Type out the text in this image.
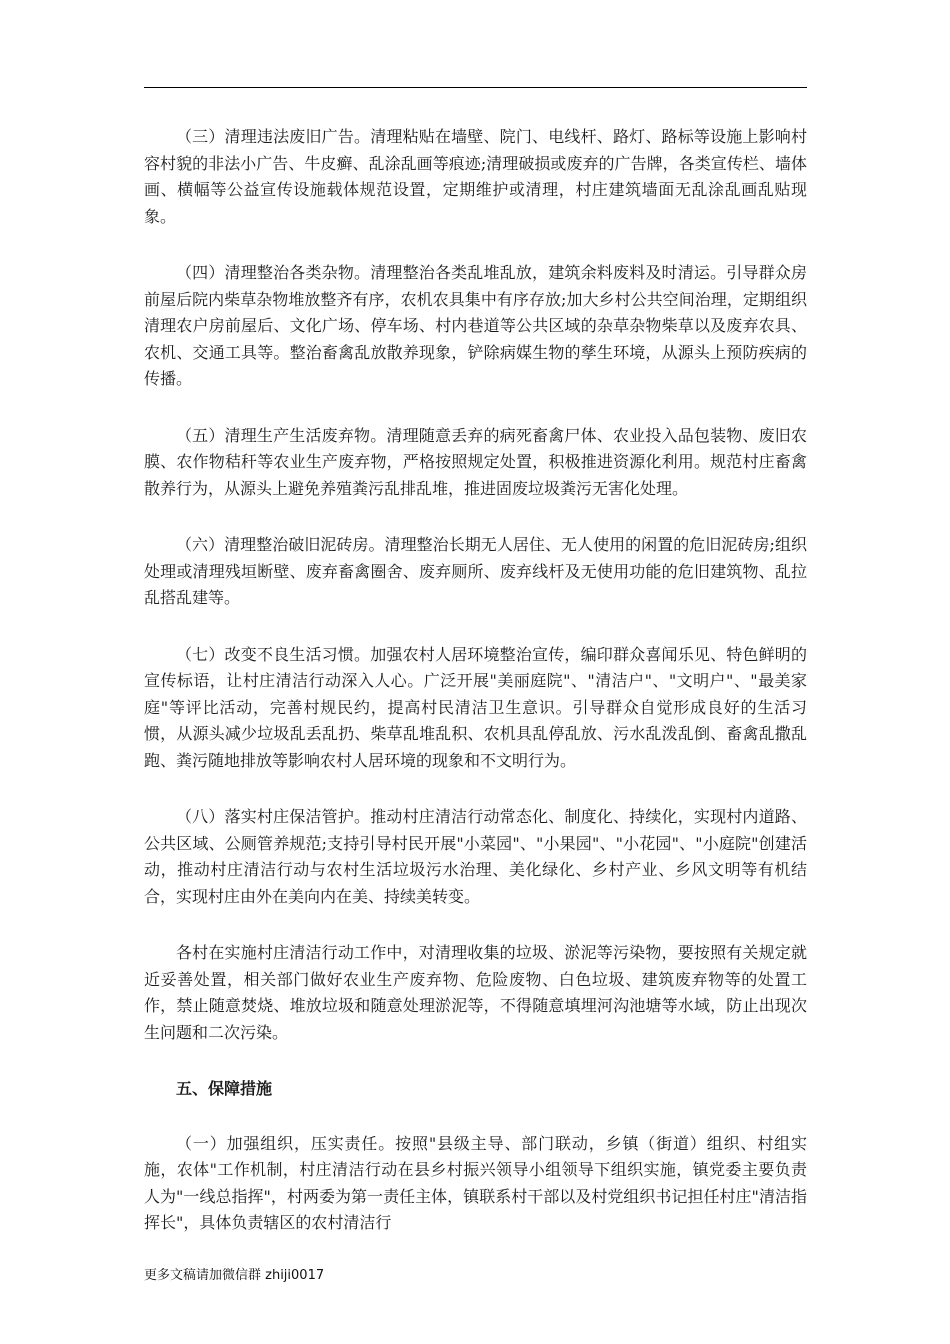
（三）清理违法废旧广告。清理粘贴在墙壁、院门、电线杆、路灯、路标等设施上影响村容村貌的非法小广告、牛皮癣、乱涂乱画等痕迹;清理破损或废弃的广告牌，各类宣传栏、墙体画、横幅等公益宣传设施载体规范设置，定期维护或清理，村庄建筑墙面无乱涂乱画乱贴现象。

（四）清理整治各类杂物。清理整治各类乱堆乱放，建筑余料废料及时清运。引导群众房前屋后院内柴草杂物堆放整齐有序，农机农具集中有序存放;加大乡村公共空间治理，定期组织清理农户房前屋后、文化广场、停车场、村内巷道等公共区域的杂草杂物柴草以及废弃农具、农机、交通工具等。整治畜禽乱放散养现象，铲除病媒生物的孳生环境，从源头上预防疾病的传播。

（五）清理生产生活废弃物。清理随意丢弃的病死畜禽尸体、农业投入品包装物、废旧农膜、农作物秸秆等农业生产废弃物，严格按照规定处置，积极推进资源化利用。规范村庄畜禽散养行为，从源头上避免养殖粪污乱排乱堆，推进固废垃圾粪污无害化处理。

（六）清理整治破旧泥砖房。清理整治长期无人居住、无人使用的闲置的危旧泥砖房;组织处理或清理残垣断壁、废弃畜禽圈舍、废弃厕所、废弃线杆及无使用功能的危旧建筑物、乱拉乱搭乱建等。

（七）改变不良生活习惯。加强农村人居环境整治宣传，编印群众喜闻乐见、特色鲜明的宣传标语，让村庄清洁行动深入人心。广泛开展"美丽庭院"、"清洁户"、"文明户"、"最美家庭"等评比活动，完善村规民约，提高村民清洁卫生意识。引导群众自觉形成良好的生活习惯，从源头减少垃圾乱丢乱扔、柴草乱堆乱积、农机具乱停乱放、污水乱泼乱倒、畜禽乱撒乱跑、粪污随地排放等影响农村人居环境的现象和不文明行为。

（八）落实村庄保洁管护。推动村庄清洁行动常态化、制度化、持续化，实现村内道路、公共区域、公厕管养规范;支持引导村民开展"小菜园"、"小果园"、"小花园"、"小庭院"创建活动，推动村庄清洁行动与农村生活垃圾污水治理、美化绿化、乡村产业、乡风文明等有机结合，实现村庄由外在美向内在美、持续美转变。

各村在实施村庄清洁行动工作中，对清理收集的垃圾、淤泥等污染物，要按照有关规定就近妥善处置，相关部门做好农业生产废弃物、危险废物、白色垃圾、建筑废弃物等的处置工作，禁止随意焚烧、堆放垃圾和随意处理淤泥等，不得随意填埋河沟池塘等水域，防止出现次生问题和二次污染。

五、保障措施

（一）加强组织，压实责任。按照"县级主导、部门联动，乡镇（街道）组织、村组实施，农体"工作机制，村庄清洁行动在县乡村振兴领导小组领导下组织实施，镇党委主要负责人为"一线总指挥"，村两委为第一责任主体，镇联系村干部以及村党组织书记担任村庄"清洁指挥长"，具体负责辖区的农村清洁行

更多文稿请加微信群 zhiji0017
